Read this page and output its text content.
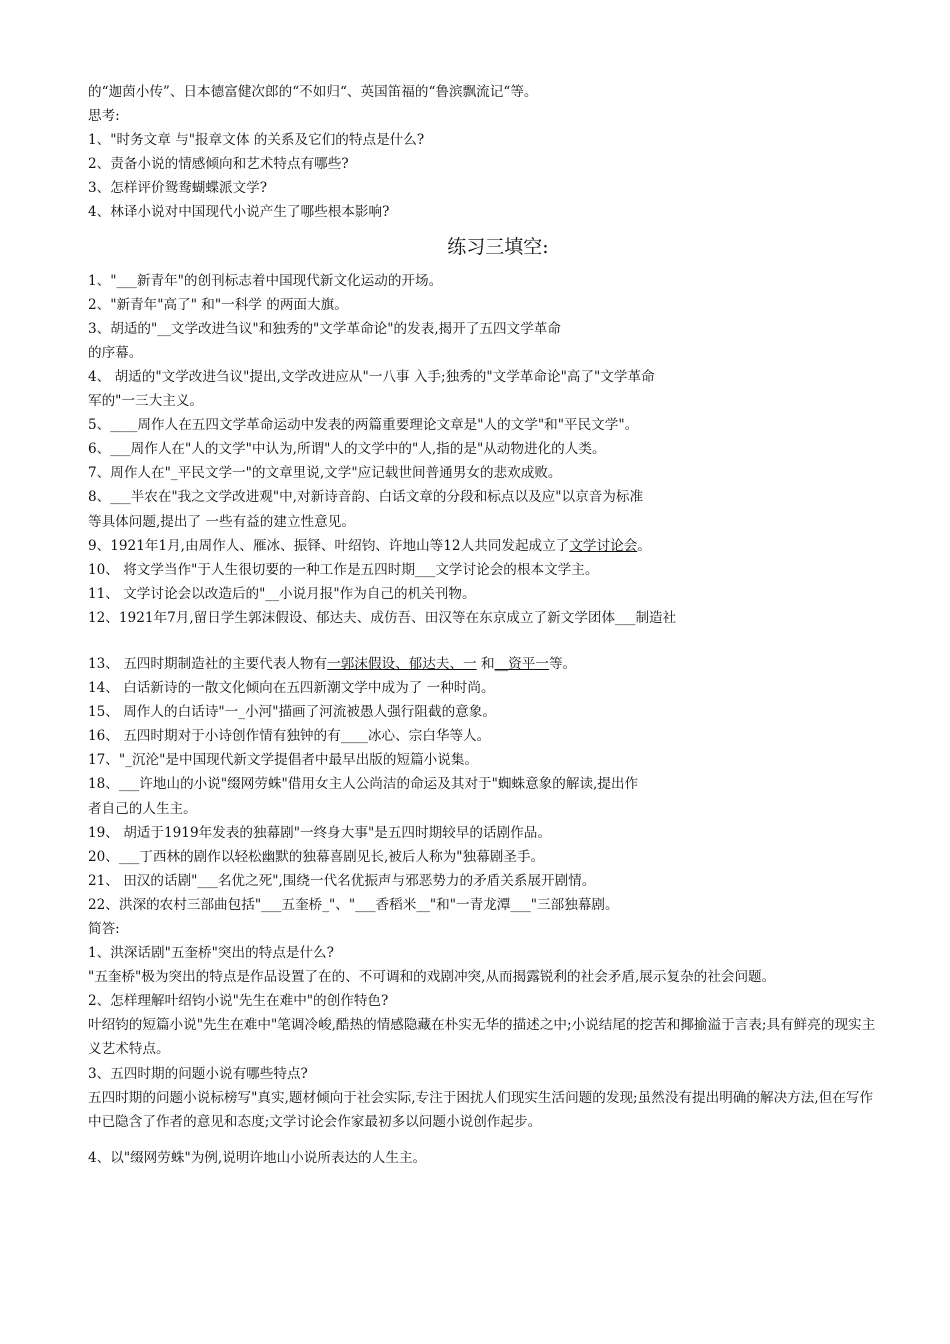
的“迦茵小传”、日本德富健次郎的“不如归“、英国笛福的“鲁滨飘流记“等。
思考:
1、"时务文章 与"报章文体 的关系及它们的特点是什么?
2、责备小说的情感倾向和艺术特点有哪些?
3、怎样评价鸳鸯蝴蝶派文学?
4、林译小说对中国现代小说产生了哪些根本影响?
练习三填空:
1、"___新青年"的创刊标志着中国现代新文化运动的开场。
2、"新青年"高了" 和"一科学 的两面大旗。
3、胡适的"__文学改进刍议"和独秀的"文学革命论"的发表,揭开了五四文学革命
的序幕。
4、 胡适的"文学改进刍议"提出,文学改进应从"一八事 入手;独秀的"文学革命论"高了"文学革命
军的"一三大主义。
5、____周作人在五四文学革命运动中发表的两篇重要理论文章是"人的文学"和"平民文学"。
6、___周作人在"人的文学"中认为,所谓"人的文学中的"人,指的是"从动物进化的人类。
7、周作人在"_平民文学一"的文章里说,文学"应记载世间普通男女的悲欢成败。
8、___半农在"我之文学改进观"中,对新诗音韵、白话文章的分段和标点以及应"以京音为标准
等具体问题,提出了 一些有益的建立性意见。
9、1921年1月,由周作人、雁冰、振铎、叶绍钧、许地山等12人共同发起成立了文学讨论会。
10、 将文学当作"于人生很切要的一种工作是五四时期___文学讨论会的根本文学主。
11、 文学讨论会以改造后的"__小说月报"作为自己的机关刊物。
12、1921年7月,留日学生郭沫假设、郁达夫、成仿吾、田汉等在东京成立了新文学团体___制造社
13、 五四时期制造社的主要代表人物有一郭沫假设、郁达夫、一 和__资平一等。
14、 白话新诗的一散文化倾向在五四新潮文学中成为了 一种时尚。
15、 周作人的白话诗"一_小河"描画了河流被愚人强行阻截的意象。
16、 五四时期对于小诗创作情有独钟的有____冰心、宗白华等人。
17、"_沉沦"是中国现代新文学提倡者中最早出版的短篇小说集。
18、___许地山的小说"缀网劳蛛"借用女主人公尚洁的命运及其对于"蜘蛛意象的解读,提出作
者自己的人生主。
19、 胡适于1919年发表的独幕剧"一终身大事"是五四时期较早的话剧作品。
20、___丁西林的剧作以轻松幽默的独幕喜剧见长,被后人称为"独幕剧圣手。
21、 田汉的话剧"___名优之死",围绕一代名优振声与邪恶势力的矛盾关系展开剧情。
22、洪深的农村三部曲包括"___五奎桥_"、"___香稻米__"和"一青龙潭___"三部独幕剧。
简答:
1、洪深话剧"五奎桥"突出的特点是什么?
"五奎桥"极为突出的特点是作品设置了在的、不可调和的戏剧冲突,从而揭露锐利的社会矛盾,展示复杂的社会问题。
2、怎样理解叶绍钧小说"先生在难中"的创作特色?
叶绍钧的短篇小说"先生在难中"笔调冷峻,酷热的情感隐藏在朴实无华的描述之中;小说结尾的挖苦和揶揄溢于言表;具有鲜亮的现实主义艺术特点。
3、五四时期的问题小说有哪些特点?
五四时期的问题小说标榜写"真实,题材倾向于社会实际,专注于困扰人们现实生活问题的发现;虽然没有提出明确的解决方法,但在写作中已隐含了作者的意见和态度;文学讨论会作家最初多以问题小说创作起步。
4、以"缀网劳蛛"为例,说明许地山小说所表达的人生主。
